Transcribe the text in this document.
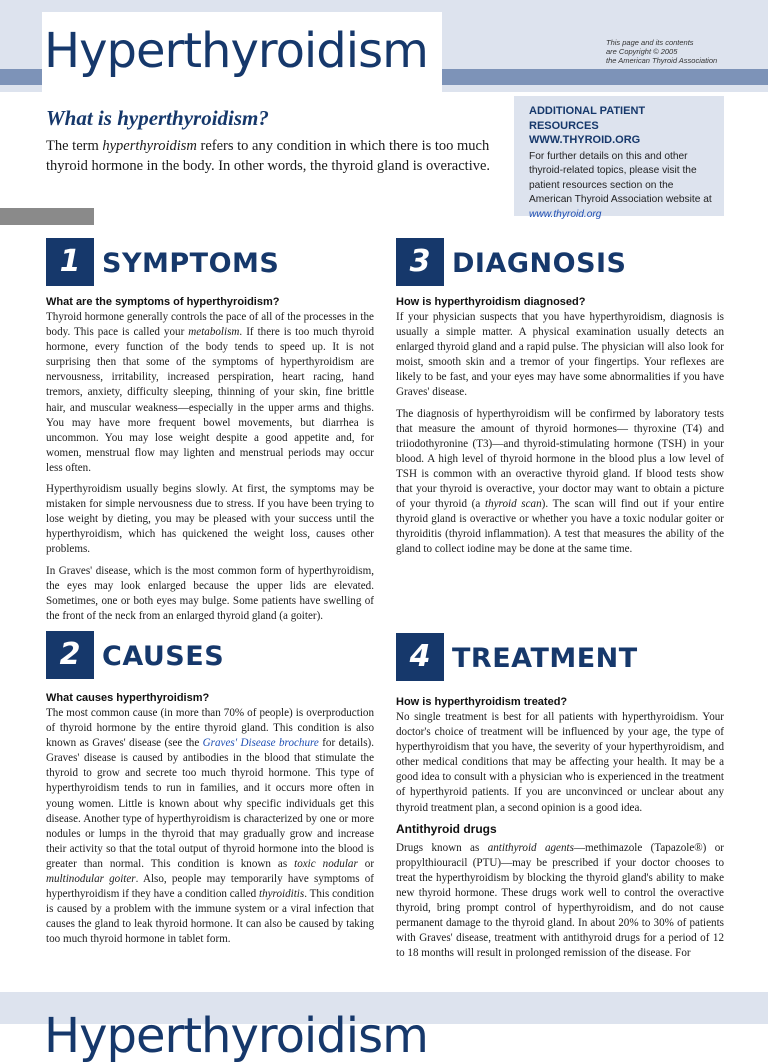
Hyperthyroidism	This page and its contents
are Copyright © 2005
the American Thyroid Association
What is hyperthyroidism?
The term hyperthyroidism refers to any condition in which there is too much thyroid hormone in the body. In other words, the thyroid gland is overactive.
ADDITIONAL PATIENT RESOURCES
WWW.THYROID.ORG
For further details on this and other thyroid-related topics, please visit the patient resources section on the American Thyroid Association website at www.thyroid.org
1 SYMPTOMS
What are the symptoms of hyperthyroidism?

Thyroid hormone generally controls the pace of all of the processes in the body. This pace is called your metabolism. If there is too much thyroid hormone, every function of the body tends to speed up. It is not surprising then that some of the symptoms of hyperthyroidism are nervousness, irritability, increased perspiration, heart racing, hand tremors, anxiety, difficulty sleeping, thinning of your skin, fine brittle hair, and muscular weakness—especially in the upper arms and thighs. You may have more frequent bowel movements, but diarrhea is uncommon. You may lose weight despite a good appetite and, for women, menstrual flow may lighten and menstrual periods may occur less often.

Hyperthyroidism usually begins slowly. At first, the symptoms may be mistaken for simple nervousness due to stress. If you have been trying to lose weight by dieting, you may be pleased with your success until the hyperthyroidism, which has quickened the weight loss, causes other problems.

In Graves' disease, which is the most common form of hyperthyroidism, the eyes may look enlarged because the upper lids are elevated. Sometimes, one or both eyes may bulge. Some patients have swelling of the front of the neck from an enlarged thyroid gland (a goiter).

2 CAUSES
What causes hyperthyroidism?

The most common cause (in more than 70% of people) is overproduction of thyroid hormone by the entire thyroid gland. This condition is also known as Graves' disease (see the Graves' Disease brochure for details). Graves' disease is caused by antibodies in the blood that stimulate the thyroid to grow and secrete too much thyroid hormone. This type of hyperthyroidism tends to run in families, and it occurs more often in young women. Little is known about why specific individuals get this disease. Another type of hyperthyroidism is characterized by one or more nodules or lumps in the thyroid that may gradually grow and increase their activity so that the total output of thyroid hormone into the blood is greater than normal. This condition is known as toxic nodular or multinodular goiter. Also, people may temporarily have symptoms of hyperthyroidism if they have a condition called thyroiditis. This condition is caused by a problem with the immune system or a viral infection that causes the gland to leak thyroid hormone. It can also be caused by taking too much thyroid hormone in tablet form.

3 DIAGNOSIS
How is hyperthyroidism diagnosed?

If your physician suspects that you have hyperthyroidism, diagnosis is usually a simple matter. A physical examination usually detects an enlarged thyroid gland and a rapid pulse. The physician will also look for moist, smooth skin and a tremor of your fingertips. Your reflexes are likely to be fast, and your eyes may have some abnormalities if you have Graves' disease.

The diagnosis of hyperthyroidism will be confirmed by laboratory tests that measure the amount of thyroid hormones— thyroxine (T4) and triiodothyronine (T3)—and thyroid-stimulating hormone (TSH) in your blood. A high level of thyroid hormone in the blood plus a low level of TSH is common with an overactive thyroid gland. If blood tests show that your thyroid is overactive, your doctor may want to obtain a picture of your thyroid (a thyroid scan). The scan will find out if your entire thyroid gland is overactive or whether you have a toxic nodular goiter or thyroiditis (thyroid inflammation). A test that measures the ability of the gland to collect iodine may be done at the same time.

4 TREATMENT
How is hyperthyroidism treated?

No single treatment is best for all patients with hyperthyroidism. Your doctor's choice of treatment will be influenced by your age, the type of hyperthyroidism that you have, the severity of your hyperthyroidism, and other medical conditions that may be affecting your health. It may be a good idea to consult with a physician who is experienced in the treatment of hyperthyroid patients. If you are unconvinced or unclear about any thyroid treatment plan, a second opinion is a good idea.

Antithyroid drugs

Drugs known as antithyroid agents—methimazole (Tapazole®) or propylthiouracil (PTU)—may be prescribed if your doctor chooses to treat the hyperthyroidism by blocking the thyroid gland's ability to make new thyroid hormone. These drugs work well to control the overactive thyroid, bring prompt control of hyperthyroidism, and do not cause permanent damage to the thyroid gland. In about 20% to 30% of patients with Graves' disease, treatment with antithyroid drugs for a period of 12 to 18 months will result in prolonged remission of the disease. For

Hyperthyroidism
